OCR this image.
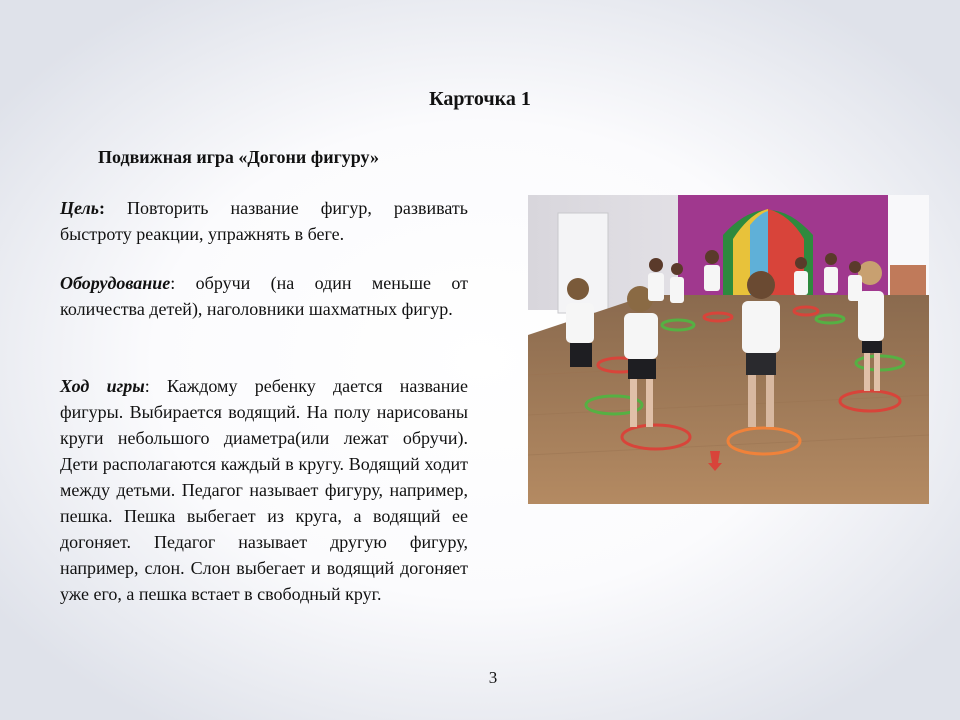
Карточка 1
Подвижная игра «Догони фигуру»
Цель: Повторить название фигур, развивать быстроту реакции, упражнять в беге.
Оборудование: обручи (на один меньше от количества детей), наголовники шахматных фигур.
Ход игры: Каждому ребенку дается название фигуры. Выбирается водящий. На полу нарисованы круги небольшого диаметра(или лежат обручи). Дети располагаются каждый в кругу. Водящий ходит между детьми. Педагог называет фигуру, например, пешка. Пешка выбегает из круга, а водящий ее догоняет. Педагог называет другую фигуру, например, слон. Слон выбегает и водящий догоняет уже его, а пешка встает в свободный круг.
3
